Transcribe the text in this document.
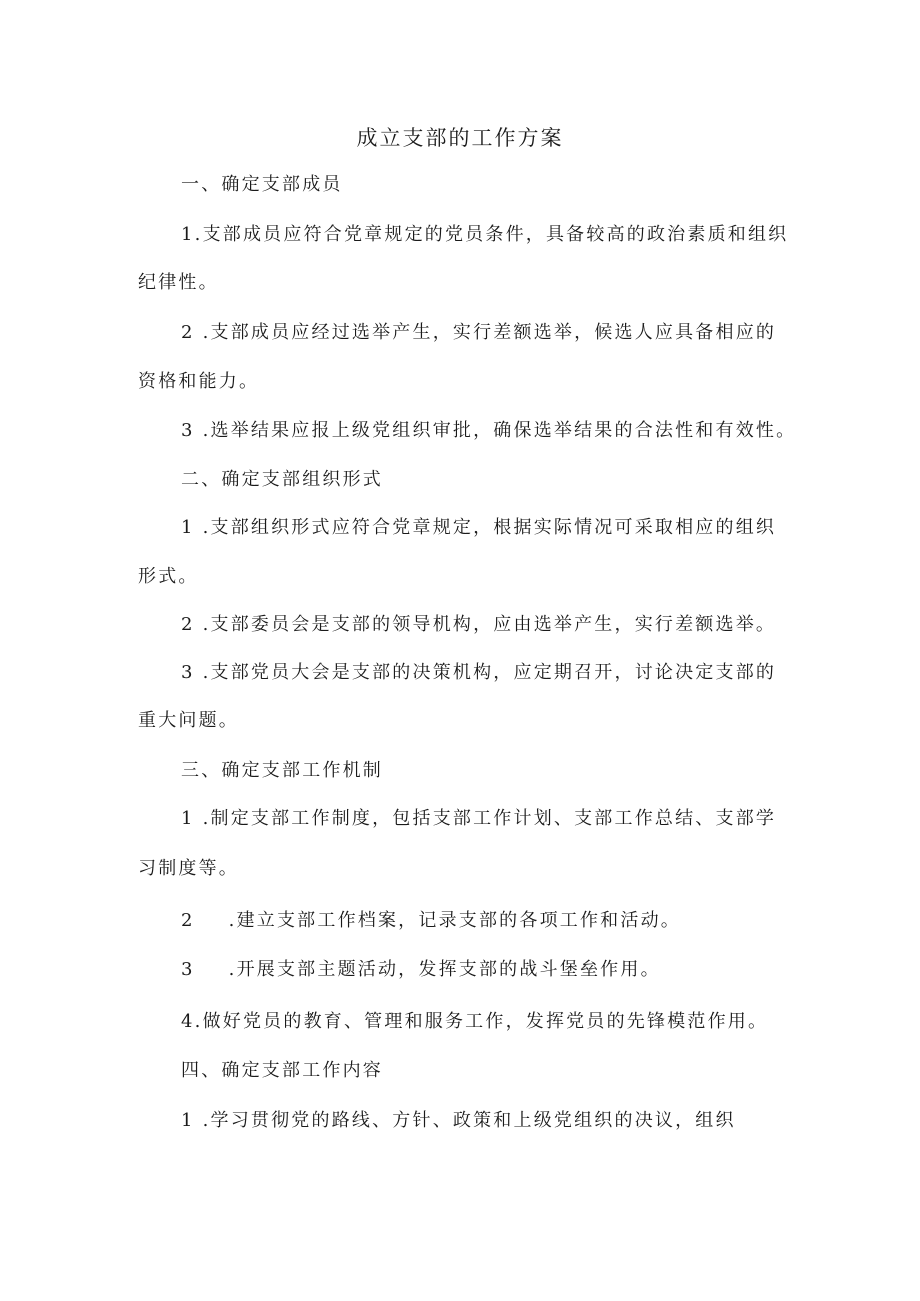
成立支部的工作方案
一、确定支部成员
1.支部成员应符合党章规定的党员条件，具备较高的政治素质和组织
纪律性。
2 .支部成员应经过选举产生，实行差额选举，候选人应具备相应的
资格和能力。
3 .选举结果应报上级党组织审批，确保选举结果的合法性和有效性。
二、确定支部组织形式
1 .支部组织形式应符合党章规定，根据实际情况可采取相应的组织
形式。
2 .支部委员会是支部的领导机构，应由选举产生，实行差额选举。
3 .支部党员大会是支部的决策机构，应定期召开，讨论决定支部的
重大问题。
三、确定支部工作机制
1 .制定支部工作制度，包括支部工作计划、支部工作总结、支部学
习制度等。
2 .建立支部工作档案，记录支部的各项工作和活动。
3 .开展支部主题活动，发挥支部的战斗堡垒作用。
4.做好党员的教育、管理和服务工作，发挥党员的先锋模范作用。
四、确定支部工作内容
1 .学习贯彻党的路线、方针、政策和上级党组织的决议，组织
